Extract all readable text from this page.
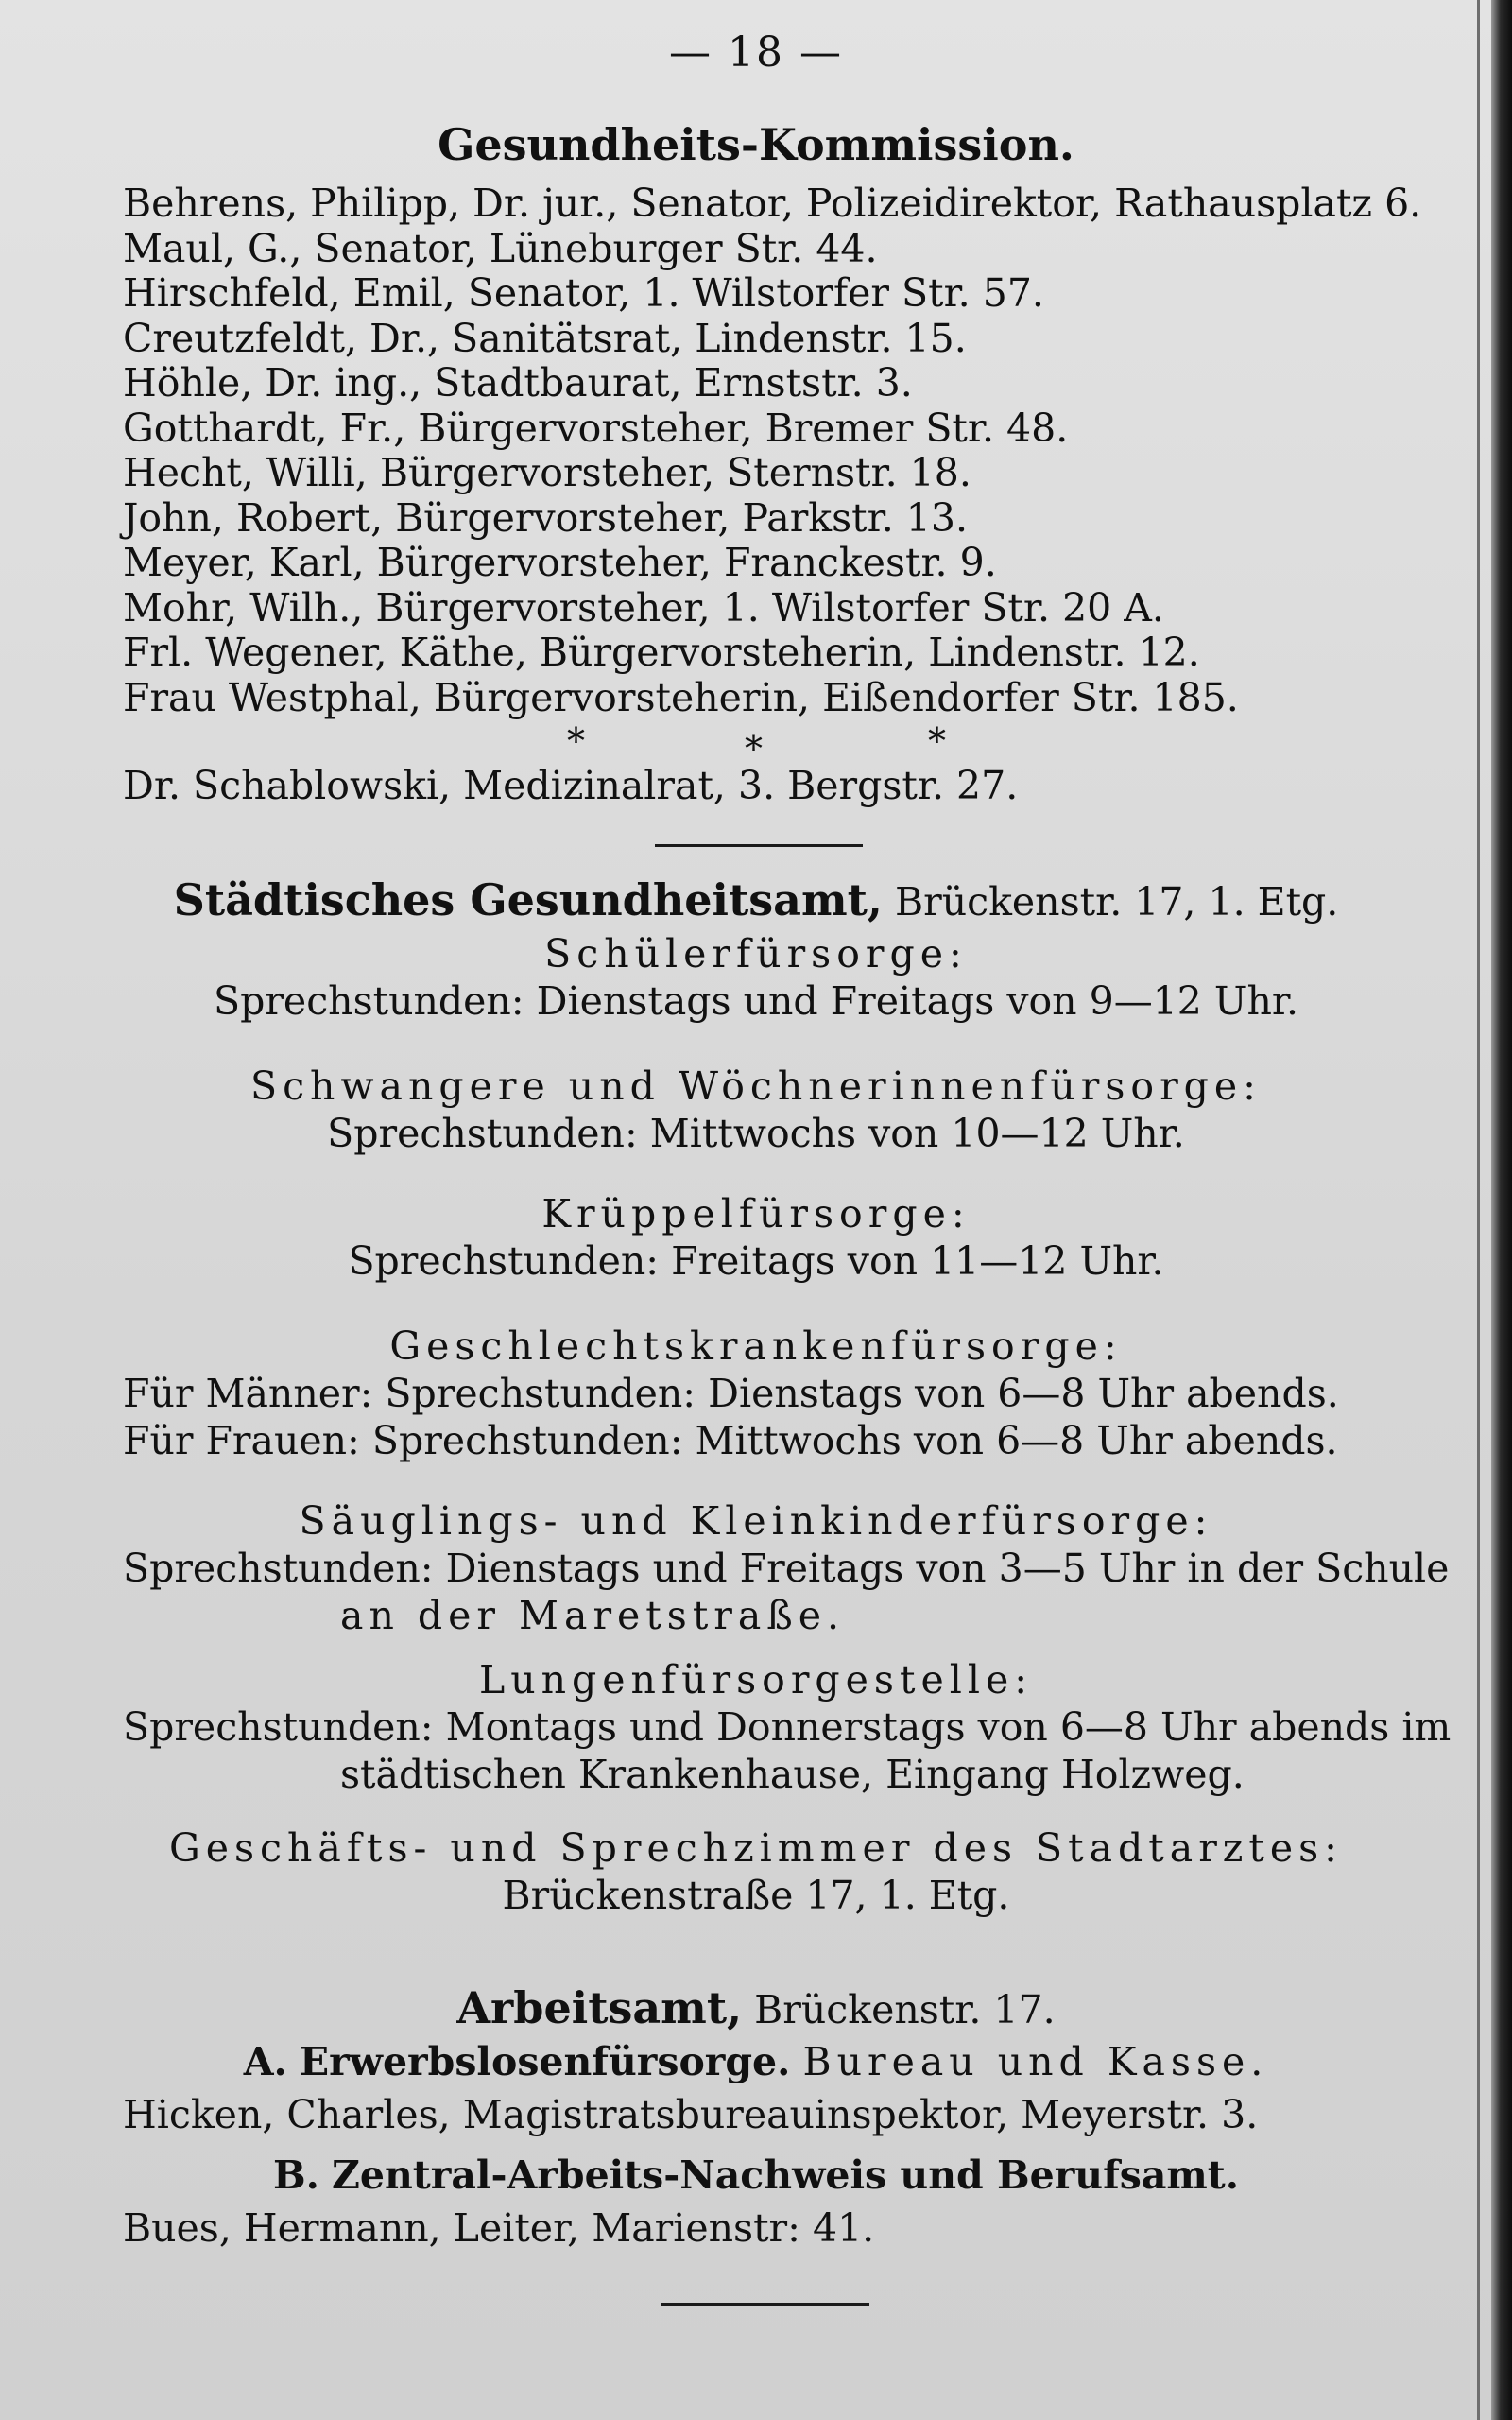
— 18 —
Gesundheits-Kommission.
Behrens, Philipp, Dr. jur., Senator, Polizeidirektor, Rathausplatz 6.
Maul, G., Senator, Lüneburger Str. 44.
Hirschfeld, Emil, Senator, 1. Wilstorfer Str. 57.
Creutzfeldt, Dr., Sanitätsrat, Lindenstr. 15.
Höhle, Dr. ing., Stadtbaurat, Ernststr. 3.
Gotthardt, Fr., Bürgervorsteher, Bremer Str. 48.
Hecht, Willi, Bürgervorsteher, Sternstr. 18.
John, Robert, Bürgervorsteher, Parkstr. 13.
Meyer, Karl, Bürgervorsteher, Franckestr. 9.
Mohr, Wilh., Bürgervorsteher, 1. Wilstorfer Str. 20 A.
Frl. Wegener, Käthe, Bürgervorsteherin, Lindenstr. 12.
Frau Westphal, Bürgervorsteherin, Eißendorfer Str. 185.
*	*	*
Dr. Schablowski, Medizinalrat, 3. Bergstr. 27.
Städtisches Gesundheitsamt, Brückenstr. 17, 1. Etg.
Schülerfürsorge:
Sprechstunden: Dienstags und Freitags von 9—12 Uhr.
Schwangere und Wöchnerinnenfürsorge:
Sprechstunden: Mittwochs von 10—12 Uhr.
Krüppelfürsorge:
Sprechstunden: Freitags von 11—12 Uhr.
Geschlechtskrankenfürsorge:
Für Männer: Sprechstunden: Dienstags von 6—8 Uhr abends.
Für Frauen: Sprechstunden: Mittwochs von 6—8 Uhr abends.
Säuglings- und Kleinkinderfürsorge:
Sprechstunden: Dienstags und Freitags von 3—5 Uhr in der Schule
an der Maretstraße.
Lungenfürsorgestelle:
Sprechstunden: Montags und Donnerstags von 6—8 Uhr abends im
städtischen Krankenhause, Eingang Holzweg.
Geschäfts- und Sprechzimmer des Stadtarztes:
Brückenstraße 17, 1. Etg.
Arbeitsamt, Brückenstr. 17.
A. Erwerbslosenfürsorge. Bureau und Kasse.
Hicken, Charles, Magistratsbureauinspektor, Meyerstr. 3.
B. Zentral-Arbeits-Nachweis und Berufsamt.
Bues, Hermann, Leiter, Marienstr: 41.
